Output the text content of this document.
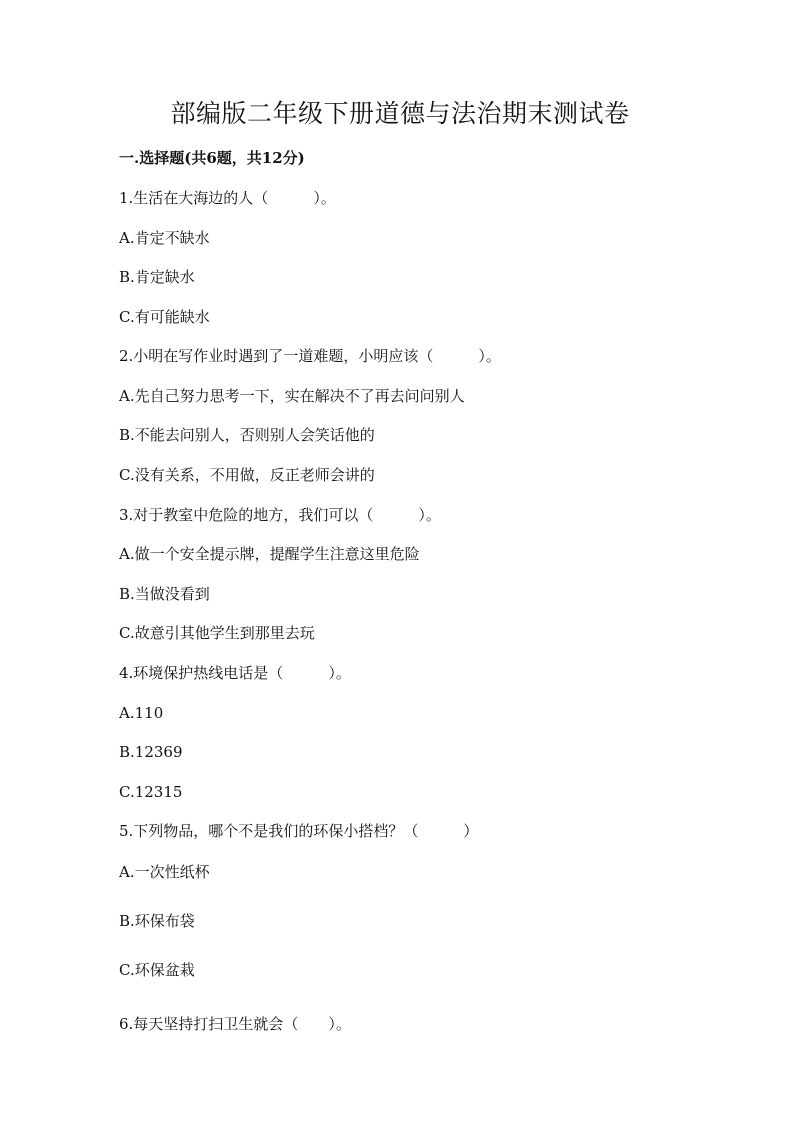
部编版二年级下册道德与法治期末测试卷
一.选择题(共6题，共12分)
1.生活在大海边的人（　　　）。
A.肯定不缺水
B.肯定缺水
C.有可能缺水
2.小明在写作业时遇到了一道难题，小明应该（　　　）。
A.先自己努力思考一下，实在解决不了再去问问别人
B.不能去问别人，否则别人会笑话他的
C.没有关系，不用做，反正老师会讲的
3.对于教室中危险的地方，我们可以（　　　）。
A.做一个安全提示牌，提醒学生注意这里危险
B.当做没看到
C.故意引其他学生到那里去玩
4.环境保护热线电话是（　　　）。
A.110
B.12369
C.12315
5.下列物品，哪个不是我们的环保小搭档？（　　　）
A.一次性纸杯
B.环保布袋
C.环保盆栽
6.每天坚持打扫卫生就会（　　）。
